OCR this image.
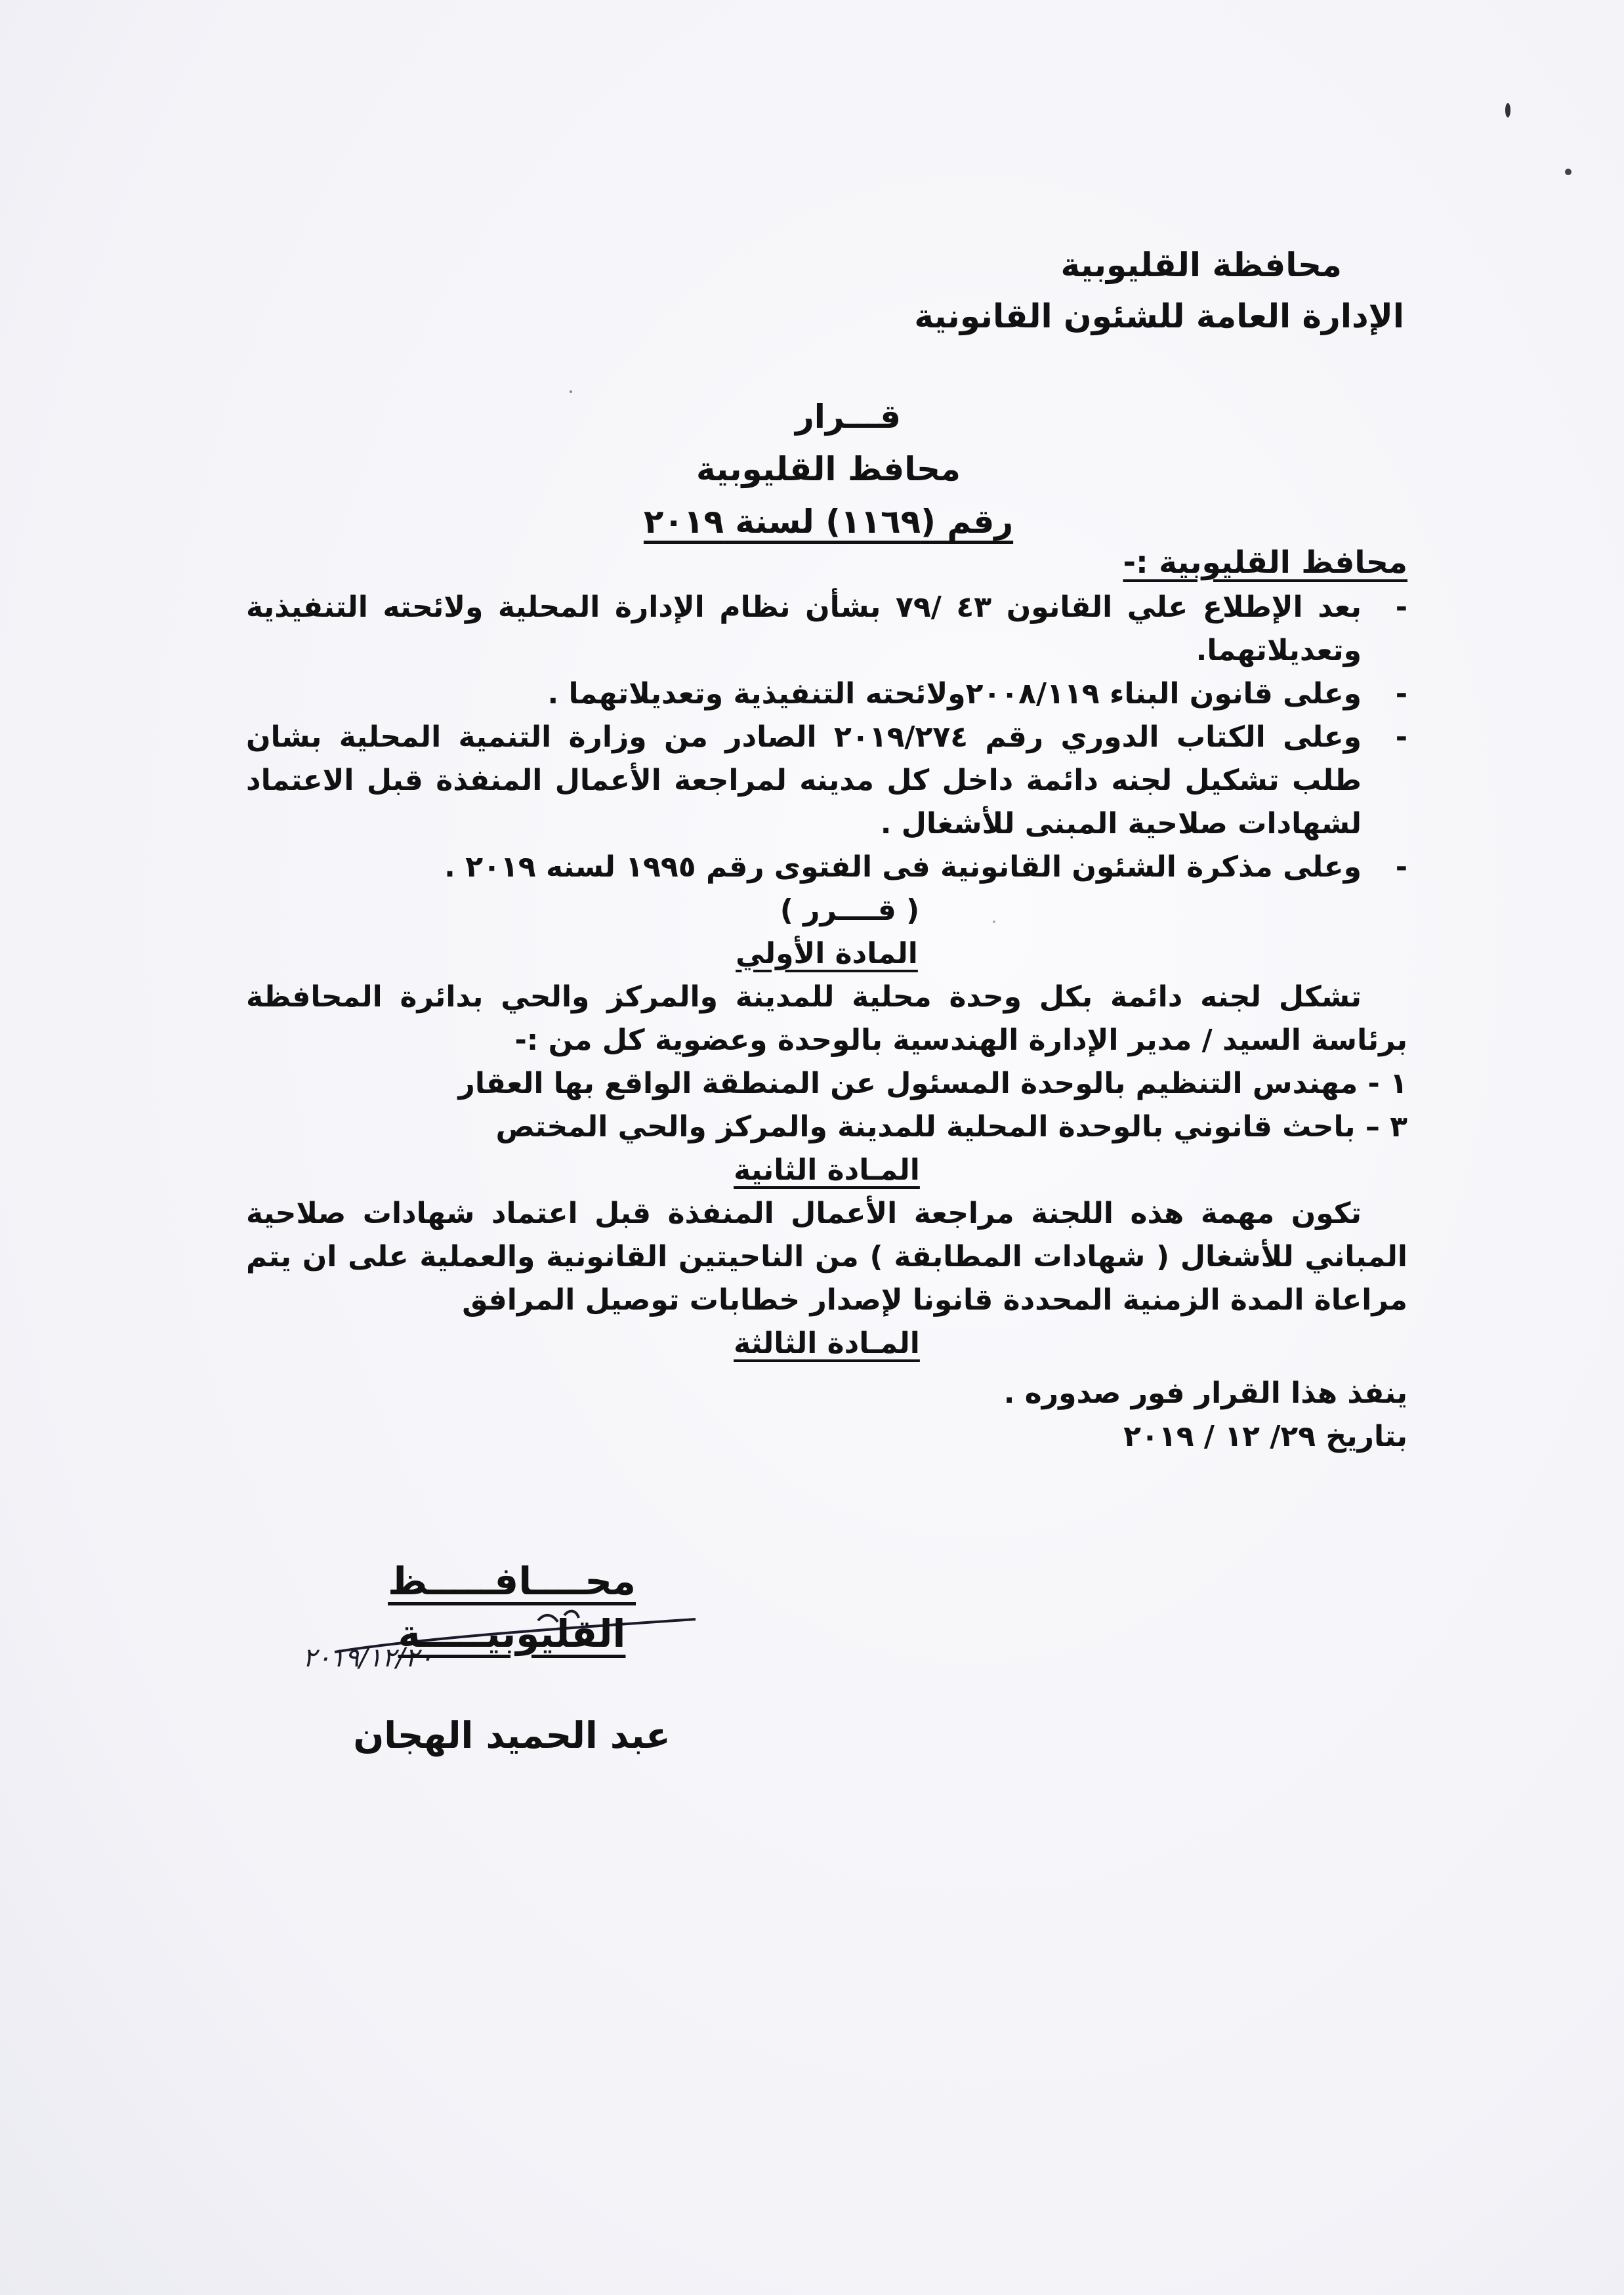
محافظة القليوبية
الإدارة العامة للشئون القانونية
قـــرار
محافظ القليوبية
رقم (١١٦٩) لسنة ٢٠١٩
محافظ القليوبية :-
-
بعد الإطلاع علي القانون ٤٣ /٧٩ بشأن نظام الإدارة المحلية ولائحته التنفيذية وتعديلاتهما.
-
وعلى قانون البناء ٢٠٠٨/١١٩ولائحته التنفيذية وتعديلاتهما .
-
وعلى الكتاب الدوري رقم ٢٠١٩/٢٧٤ الصادر من وزارة التنمية المحلية بشان طلب تشكيل لجنه دائمة داخل كل مدينه لمراجعة الأعمال المنفذة قبل الاعتماد لشهادات صلاحية المبنى للأشغال .
-
وعلى مذكرة الشئون القانونية فى الفتوى رقم ١٩٩٥ لسنه ٢٠١٩ .
( قــــرر )
المادة الأولي
تشكل لجنه دائمة بكل وحدة محلية للمدينة والمركز والحي بدائرة المحافظة برئاسة السيد / مدير الإدارة الهندسية بالوحدة وعضوية كل من :-
١ - مهندس التنظيم بالوحدة المسئول عن المنطقة الواقع بها العقار
٣ – باحث قانوني بالوحدة المحلية للمدينة والمركز والحي المختص
المـادة الثانية
تكون مهمة هذه اللجنة مراجعة الأعمال المنفذة قبل اعتماد شهادات صلاحية المباني للأشغال ( شهادات المطابقة ) من الناحيتين القانونية والعملية على ان يتم مراعاة المدة الزمنية المحددة قانونا لإصدار خطابات توصيل المرافق
المـادة الثالثة
ينفذ هذا القرار فور صدوره .
بتاريخ ٢٩/ ١٢ / ٢٠١٩
٢٠١٩/١٢/٢٠
محــــافـــــظ القليوبيـــــة
عبد الحميد الهجان
